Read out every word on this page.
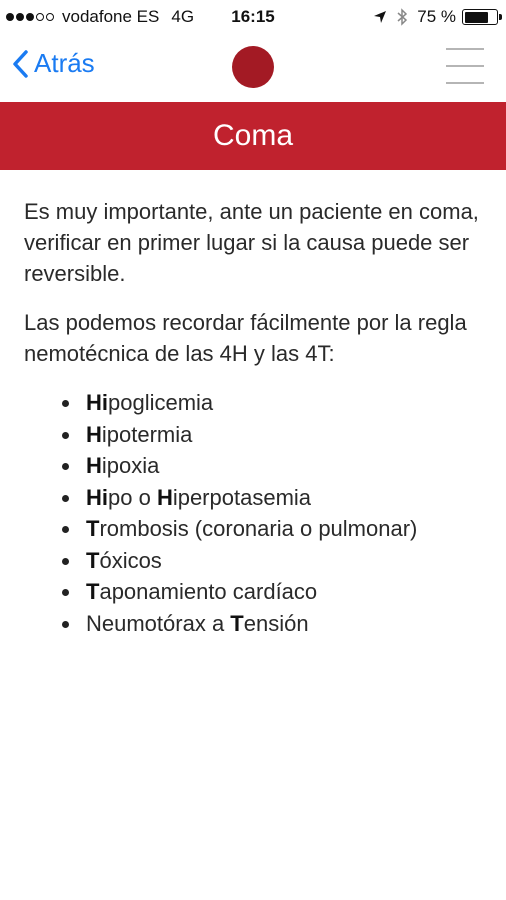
vodafone ES 4G	16:15	75 %
Atrás
Coma

Es muy importante, ante un paciente en coma, verificar en primer lugar si la causa puede ser reversible.

Las podemos recordar fácilmente por la regla nemotécnica de las 4H y las 4T:

Hipoglicemia
Hipotermia
Hipoxia
Hipo o Hiperpotasemia
Trombosis (coronaria o pulmonar)
Tóxicos
Taponamiento cardíaco
Neumotórax a Tensión
